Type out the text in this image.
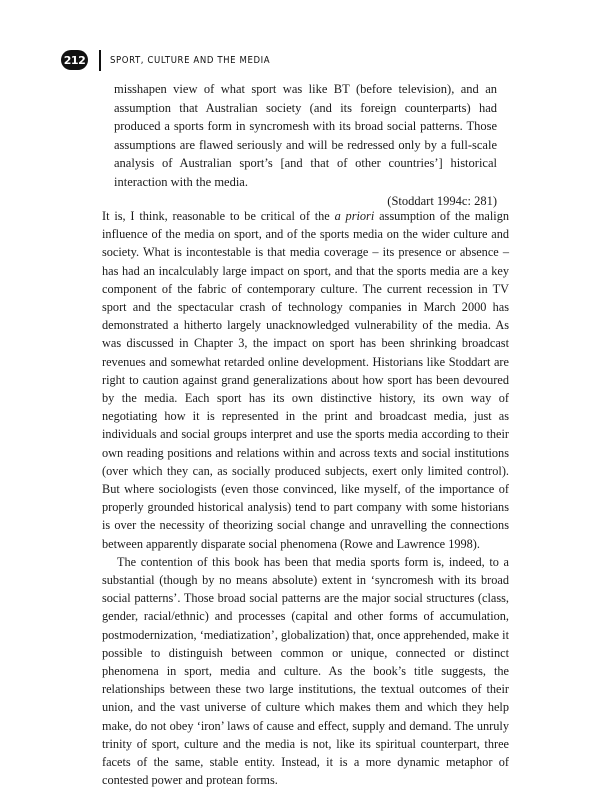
212	SPORT, CULTURE AND THE MEDIA

misshapen view of what sport was like BT (before television), and an assumption that Australian society (and its foreign counterparts) had produced a sports form in syncromesh with its broad social patterns. Those assumptions are flawed seriously and will be redressed only by a full-scale analysis of Australian sport’s [and that of other countries’] historical interaction with the media.

(Stoddart 1994c: 281)

It is, I think, reasonable to be critical of the a priori assumption of the malign influence of the media on sport, and of the sports media on the wider culture and society. What is incontestable is that media coverage – its presence or absence – has had an incalculably large impact on sport, and that the sports media are a key component of the fabric of contemporary culture. The current recession in TV sport and the spectacular crash of technology companies in March 2000 has demonstrated a hitherto largely unacknowledged vulnerability of the media. As was discussed in Chapter 3, the impact on sport has been shrinking broadcast revenues and somewhat retarded online development. Historians like Stoddart are right to caution against grand generalizations about how sport has been devoured by the media. Each sport has its own distinctive history, its own way of negotiating how it is represented in the print and broadcast media, just as individuals and social groups interpret and use the sports media according to their own reading positions and relations within and across texts and social institutions (over which they can, as socially produced subjects, exert only limited control). But where sociologists (even those convinced, like myself, of the importance of properly grounded historical analysis) tend to part company with some historians is over the necessity of theorizing social change and unravelling the connections between apparently disparate social phenomena (Rowe and Lawrence 1998).

The contention of this book has been that media sports form is, indeed, to a substantial (though by no means absolute) extent in ‘syncromesh with its broad social patterns’. Those broad social patterns are the major social structures (class, gender, racial/ethnic) and processes (capital and other forms of accumulation, postmodernization, ‘mediatization’, globalization) that, once apprehended, make it possible to distinguish between common or unique, connected or distinct phenomena in sport, media and culture. As the book’s title suggests, the relationships between these two large institutions, the textual outcomes of their union, and the vast universe of culture which makes them and which they help make, do not obey ‘iron’ laws of cause and effect, supply and demand. The unruly trinity of sport, culture and the media is not, like its spiritual counterpart, three facets of the same, stable entity. Instead, it is a more dynamic metaphor of contested power and protean forms.
